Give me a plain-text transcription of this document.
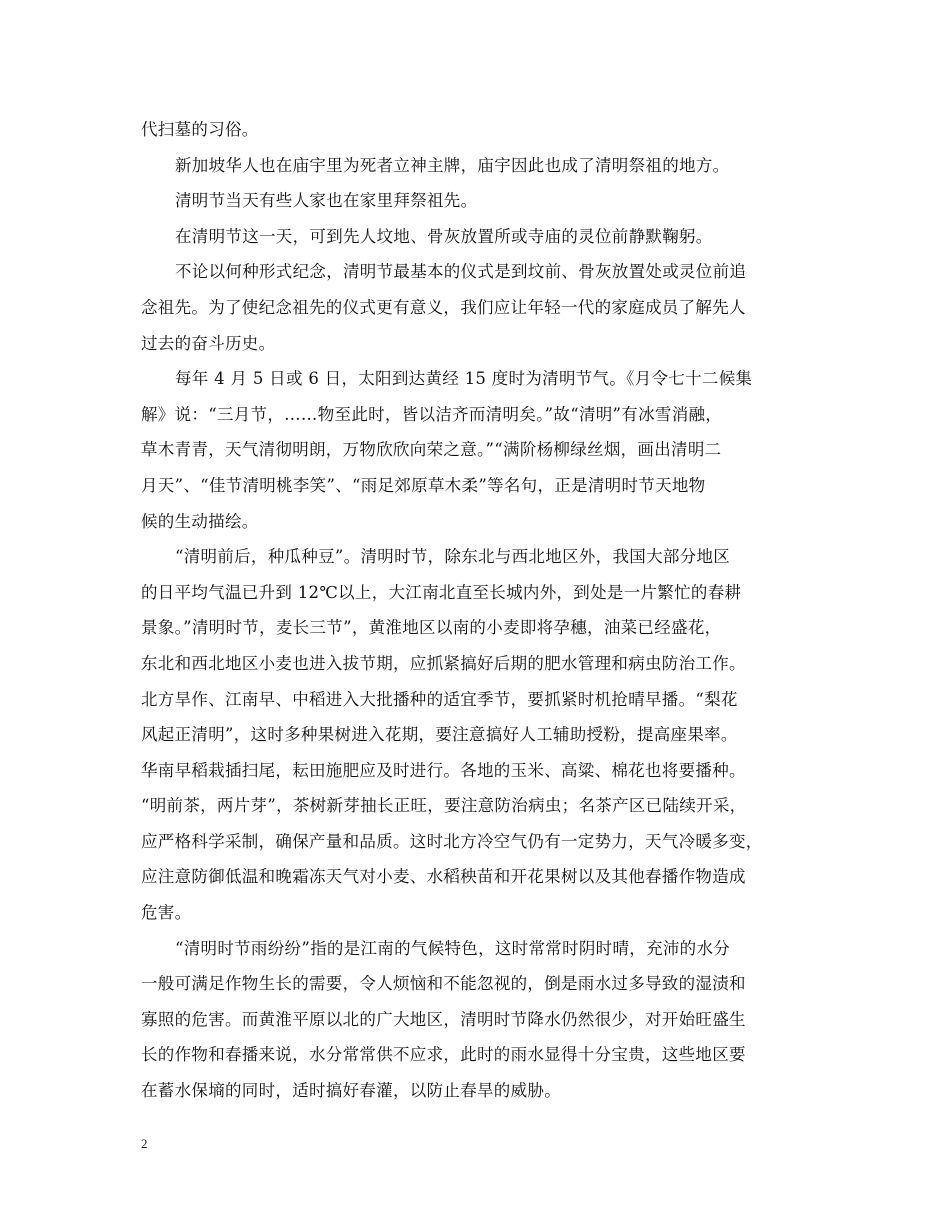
代扫墓的习俗。
新加坡华人也在庙宇里为死者立神主牌，庙宇因此也成了清明祭祖的地方。
清明节当天有些人家也在家里拜祭祖先。
在清明节这一天，可到先人坟地、骨灰放置所或寺庙的灵位前静默鞠躬。
不论以何种形式纪念，清明节最基本的仪式是到坟前、骨灰放置处或灵位前追
念祖先。为了使纪念祖先的仪式更有意义，我们应让年轻一代的家庭成员了解先人
过去的奋斗历史。
每年 4 月 5 日或 6 日，太阳到达黄经 15 度时为清明节气。《月令七十二候集
解》说：“三月节，……物至此时，皆以洁齐而清明矣。”故“清明”有冰雪消融，
草木青青，天气清彻明朗，万物欣欣向荣之意。”“满阶杨柳绿丝烟，画出清明二
月天”、“佳节清明桃李笑”、“雨足郊原草木柔”等名句，正是清明时节天地物
候的生动描绘。
“清明前后，种瓜种豆”。清明时节，除东北与西北地区外，我国大部分地区
的日平均气温已升到 12℃以上，大江南北直至长城内外，到处是一片繁忙的春耕
景象。”清明时节，麦长三节”，黄淮地区以南的小麦即将孕穗，油菜已经盛花，
东北和西北地区小麦也进入拔节期，应抓紧搞好后期的肥水管理和病虫防治工作。
北方旱作、江南早、中稻进入大批播种的适宜季节，要抓紧时机抢晴早播。“梨花
风起正清明”，这时多种果树进入花期，要注意搞好人工辅助授粉，提高座果率。
华南早稻栽插扫尾，耘田施肥应及时进行。各地的玉米、高粱、棉花也将要播种。
“明前茶，两片芽”，茶树新芽抽长正旺，要注意防治病虫；名茶产区已陆续开采，
应严格科学采制，确保产量和品质。这时北方冷空气仍有一定势力，天气冷暖多变，
应注意防御低温和晚霜冻天气对小麦、水稻秧苗和开花果树以及其他春播作物造成
危害。
“清明时节雨纷纷”指的是江南的气候特色，这时常常时阴时晴，充沛的水分
一般可满足作物生长的需要，令人烦恼和不能忽视的，倒是雨水过多导致的湿渍和
寡照的危害。而黄淮平原以北的广大地区，清明时节降水仍然很少，对开始旺盛生
长的作物和春播来说，水分常常供不应求，此时的雨水显得十分宝贵，这些地区要
在蓄水保墒的同时，适时搞好春灌，以防止春旱的威胁。
2
